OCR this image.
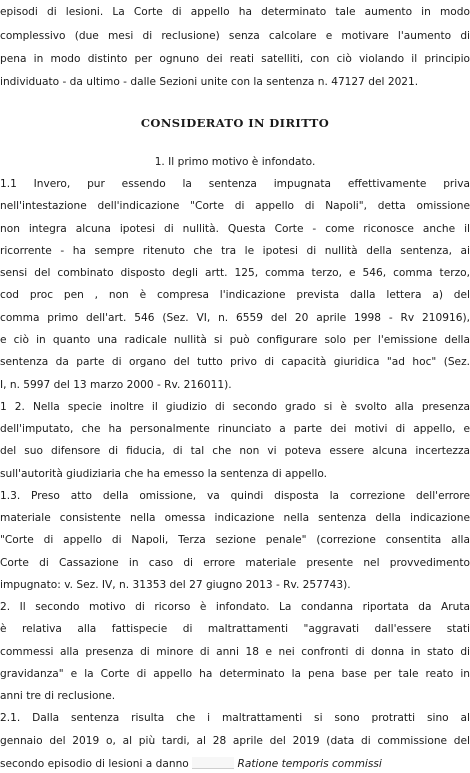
episodi di lesioni. La Corte di appello ha determinato tale aumento in modo
complessivo (due mesi di reclusione) senza calcolare e motivare l'aumento di
pena in modo distinto per ognuno dei reati satelliti, con ciò violando il principio
individuato - da ultimo - dalle Sezioni unite con la sentenza n. 47127 del 2021.
CONSIDERATO IN DIRITTO
1. Il primo motivo è infondato.
1.1 Invero, pur essendo la sentenza impugnata effettivamente priva
nell'intestazione dell'indicazione "Corte di appello di Napoli", detta omissione
non integra alcuna ipotesi di nullità. Questa Corte - come riconosce anche il
ricorrente - ha sempre ritenuto che tra le ipotesi di nullità della sentenza, ai
sensi del combinato disposto degli artt. 125, comma terzo, e 546, comma terzo,
cod proc pen , non è compresa l'indicazione prevista dalla lettera a) del
comma primo dell'art. 546 (Sez. VI, n. 6559 del 20 aprile 1998 - Rv 210916),
e ciò in quanto una radicale nullità si può configurare solo per l'emissione della
sentenza da parte di organo del tutto privo di capacità giuridica "ad hoc" (Sez.
I, n. 5997 del 13 marzo 2000 - Rv. 216011).
1 2. Nella specie inoltre il giudizio di secondo grado si è svolto alla presenza
dell'imputato, che ha personalmente rinunciato a parte dei motivi di appello, e
del suo difensore di fiducia, di tal che non vi poteva essere alcuna incertezza
sull'autorità giudiziaria che ha emesso la sentenza di appello.
1.3. Preso atto della omissione, va quindi disposta la correzione dell'errore
materiale consistente nella omessa indicazione nella sentenza della indicazione
"Corte di appello di Napoli, Terza sezione penale" (correzione consentita alla
Corte di Cassazione in caso di errore materiale presente nel provvedimento
impugnato: v. Sez. IV, n. 31353 del 27 giugno 2013 - Rv. 257743).
2. Il secondo motivo di ricorso è infondato. La condanna riportata da Aruta
è relativa alla fattispecie di maltrattamenti "aggravati dall'essere stati
commessi alla presenza di minore di anni 18 e nei confronti di donna in stato di
gravidanza" e la Corte di appello ha determinato la pena base per tale reato in
anni tre di reclusione.
2.1. Dalla sentenza risulta che i maltrattamenti si sono protratti sino al
gennaio del 2019 o, al più tardi, al 28 aprile del 2019 (data di commissione del
secondo episodio di lesioni a danno	Ratione temporis commissi
